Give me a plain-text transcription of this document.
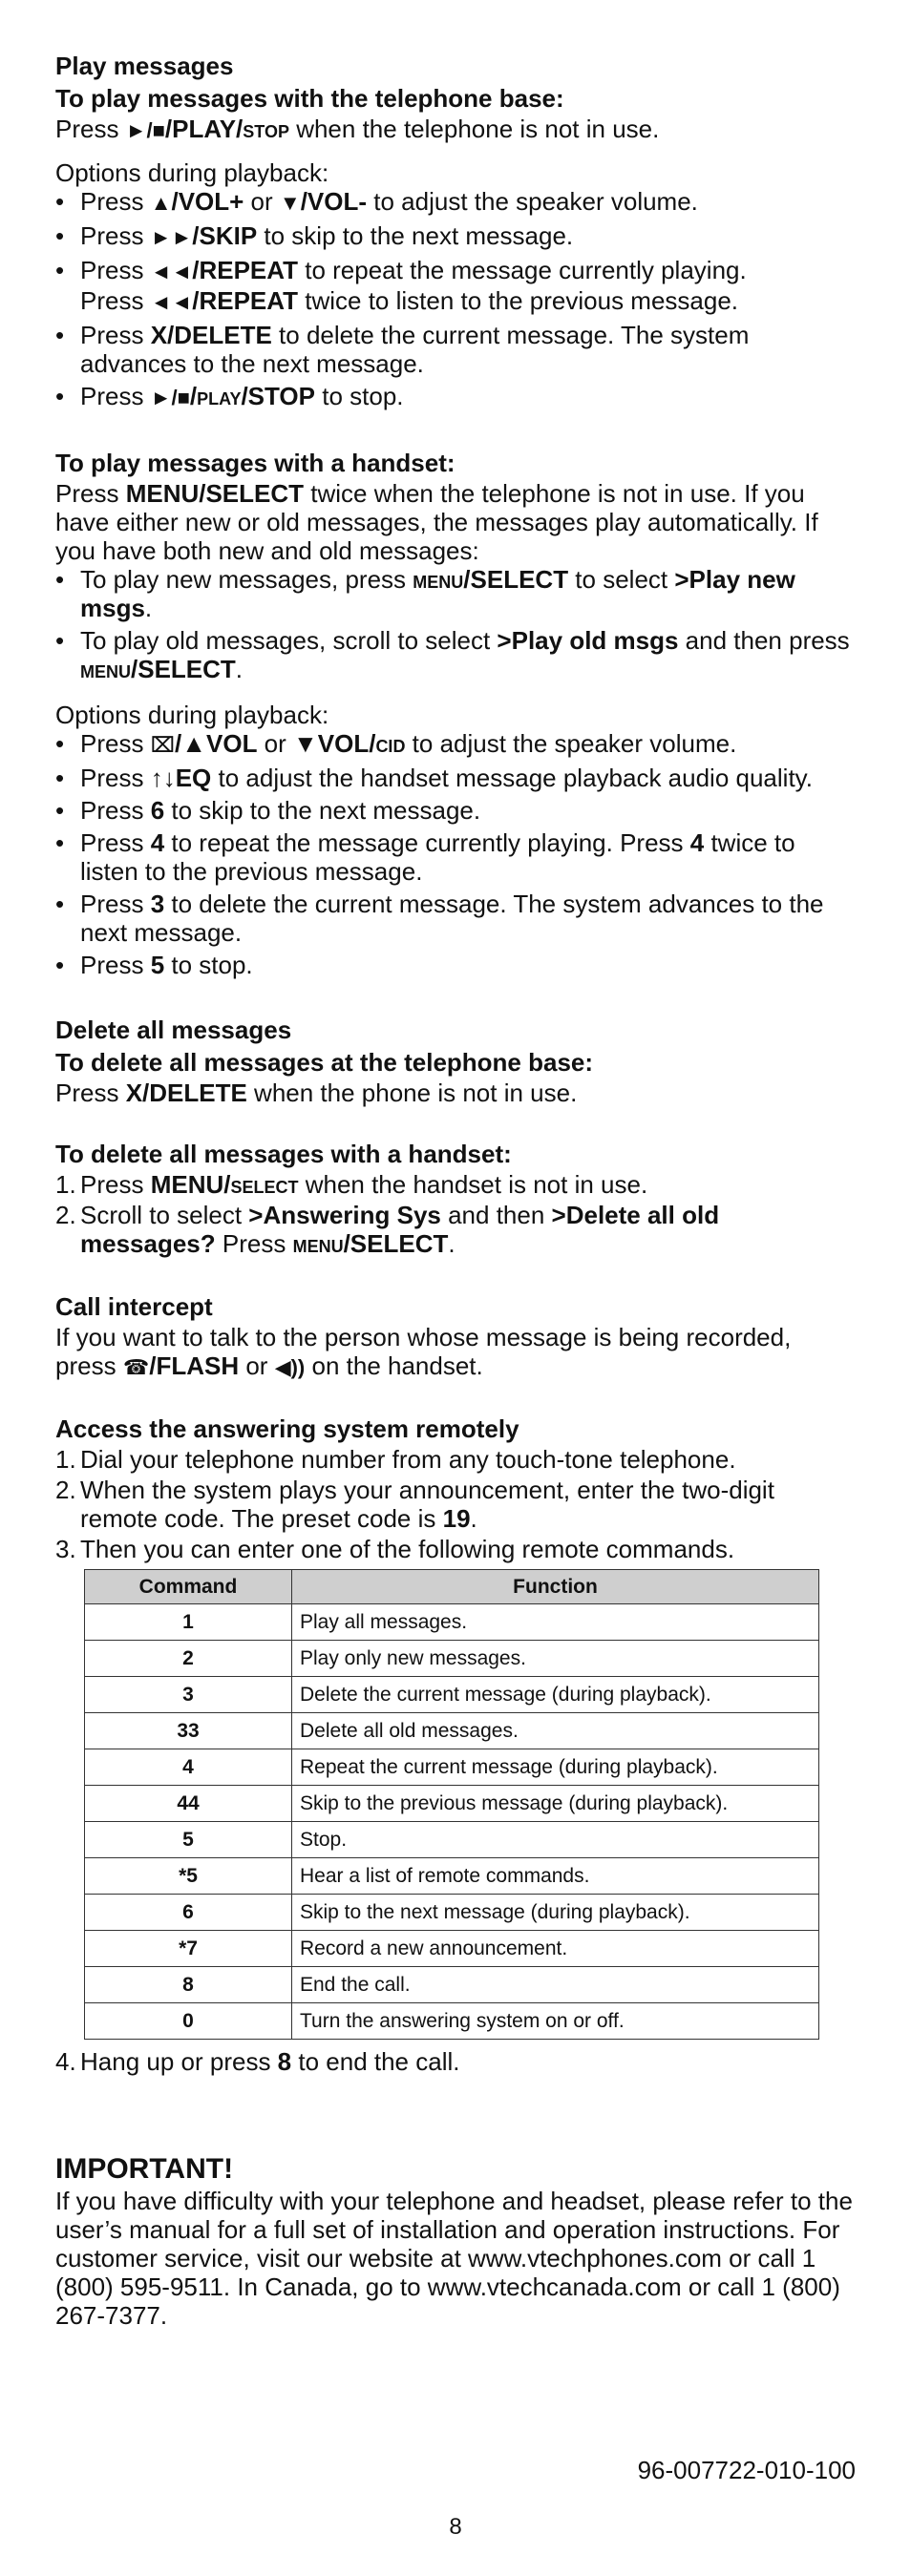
Play messages
To play messages with the telephone base:

Press ►/■/PLAY/stop when the telephone is not in use.

Options during playback:

• Press ▲/VOL+ or ▼/VOL- to adjust the speaker volume.
• Press ►►/SKIP to skip to the next message.
• Press ◄◄/REPEAT to repeat the message currently playing.
Press ◄◄/REPEAT twice to listen to the previous message.
• Press X/DELETE to delete the current message. The system advances to the next message.
• Press ►/■/play/STOP to stop.
To play messages with a handset:

Press MENU/SELECT twice when the telephone is not in use. If you have either new or old messages, the messages play automatically. If you have both new and old messages:

• To play new messages, press menu/SELECT to select >Play new msgs.
• To play old messages, scroll to select >Play old msgs and then press menu/SELECT.

Options during playback:

• Press ⌧/▲VOL or ▼VOL/cid to adjust the speaker volume.
• Press ↑↓EQ to adjust the handset message playback audio quality.
• Press 6 to skip to the next message.
• Press 4 to repeat the message currently playing. Press 4 twice to listen to the previous message.
• Press 3 to delete the current message. The system advances to the next message.
• Press 5 to stop.
Delete all messages
To delete all messages at the telephone base:

Press X/DELETE when the phone is not in use.

To delete all messages with a handset:
1. Press MENU/select when the handset is not in use.
2. Scroll to select >Answering Sys and then >Delete all old messages? Press menu/SELECT.
Call intercept

If you want to talk to the person whose message is being recorded, press ☎/FLASH or ◀)) on the handset.

Access the answering system remotely
1. Dial your telephone number from any touch-tone telephone.
2. When the system plays your announcement, enter the two-digit remote code. The preset code is 19.
3. Then you can enter one of the following remote commands.
Command	Function
1	Play all messages.
2	Play only new messages.
3	Delete the current message (during playback).
33	Delete all old messages.
4	Repeat the current message (during playback).
44	Skip to the previous message (during playback).
5	Stop.
*5	Hear a list of remote commands.
6	Skip to the next message (during playback).
*7	Record a new announcement.
8	End the call.
0	Turn the answering system on or off.
4. Hang up or press 8 to end the call.

IMPORTANT!

If you have difficulty with your telephone and headset, please refer to the user’s manual for a full set of installation and operation instructions. For customer service, visit our website at www.vtechphones.com or call 1 (800) 595-9511. In Canada, go to www.vtechcanada.com or call 1 (800) 267-7377.

96-007722-010-100
8
